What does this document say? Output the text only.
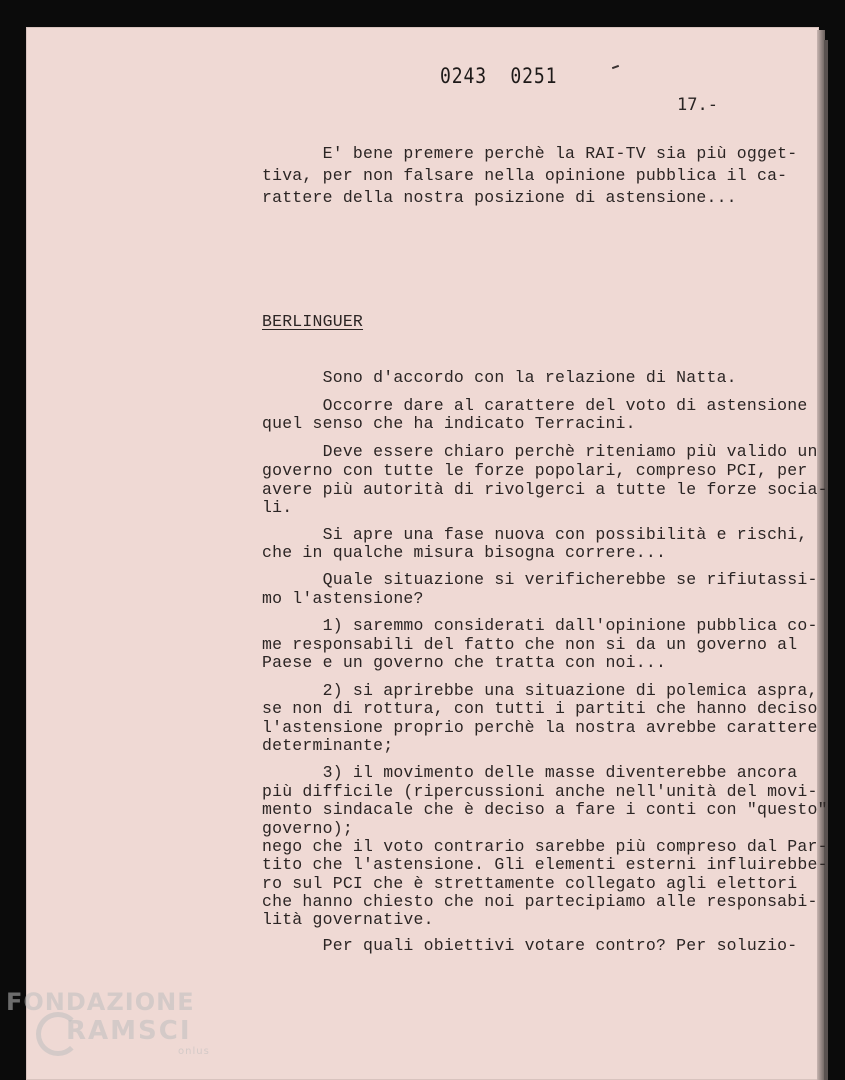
0243  0251
17.-
E' bene premere perchè la RAI-TV sia più ogget-
tiva, per non falsare nella opinione pubblica il ca-
rattere della nostra posizione di astensione...
BERLINGUER
Sono d'accordo con la relazione di Natta.
Occorre dare al carattere del voto di astensione
quel senso che ha indicato Terracini.
Deve essere chiaro perchè riteniamo più valido un
governo con tutte le forze popolari, compreso PCI, per
avere più autorità di rivolgerci a tutte le forze socia-
li.
Si apre una fase nuova con possibilità e rischi,
che in qualche misura bisogna correre...
Quale situazione si verificherebbe se rifiutassi-
mo l'astensione?
1) saremmo considerati dall'opinione pubblica co-
me responsabili del fatto che non si da un governo al
Paese e un governo che tratta con noi...
2) si aprirebbe una situazione di polemica aspra,
se non di rottura, con tutti i partiti che hanno deciso
l'astensione proprio perchè la nostra avrebbe carattere
determinante;
3) il movimento delle masse diventerebbe ancora
più difficile (ripercussioni anche nell'unità del movi-
mento sindacale che è deciso a fare i conti con "questo"
governo);
nego che il voto contrario sarebbe più compreso dal Par-
tito che l'astensione. Gli elementi esterni influirebbe-
ro sul PCI che è strettamente collegato agli elettori
che hanno chiesto che noi partecipiamo alle responsabi-
lità governative.
Per quali obiettivi votare contro? Per soluzio-
FONDAZIONE
RAMSCI
onlus
